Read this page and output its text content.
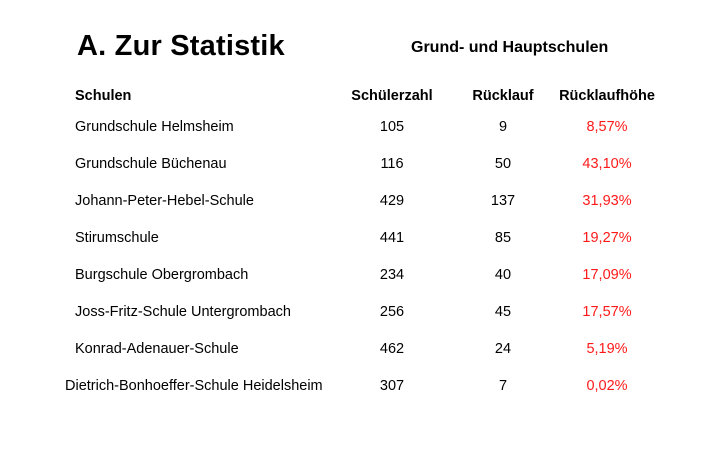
A. Zur Statistik	Grund- und Hauptschulen
Schulen	Schülerzahl	Rücklauf	Rücklaufhöhe
Grundschule Helmsheim	105	9	8,57%
Grundschule Büchenau	116	50	43,10%
Johann-Peter-Hebel-Schule	429	137	31,93%
Stirumschule	441	85	19,27%
Burgschule Obergrombach	234	40	17,09%
Joss-Fritz-Schule Untergrombach	256	45	17,57%
Konrad-Adenauer-Schule	462	24	5,19%
Dietrich-Bonhoeffer-Schule Heidelsheim	307	7	0,02%
